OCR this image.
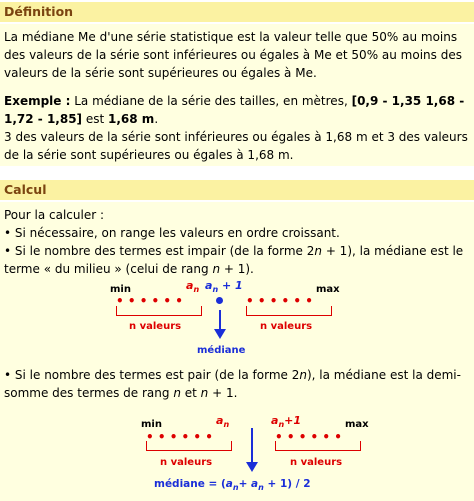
Définition

La médiane Me d'une série statistique est la valeur telle que 50% au moins des valeurs de la série sont inférieures ou égales à Me et 50% au moins des valeurs de la série sont supérieures ou égales à Me.

Exemple : La médiane de la série des tailles, en mètres, [0,9 - 1,35 1,68 - 1,72 - 1,85] est 1,68 m.

3 des valeurs de la série sont inférieures ou égales à 1,68 m et 3 des valeurs de la série sont supérieures ou égales à 1,68 m.

Calcul

Pour la calculer :

• Si nécessaire, on range les valeurs en ordre croissant.

• Si le nombre des termes est impair (de la forme 2n + 1), la médiane est le terme « du milieu » (celui de rang n + 1).

min	max
$a_n$ $a_n + 1$
• • • • • •	• • • • • •
n valeurs	n valeurs
médiane

• Si le nombre des termes est pair (de la forme 2n), la médiane est la demi-somme des termes de rang n et n + 1.

min	max
$a_n$	$a_n+1$
• • • • • •	• • • • • •
n valeurs	n valeurs
médiane = $(a_n+ a_n + 1) / 2$
